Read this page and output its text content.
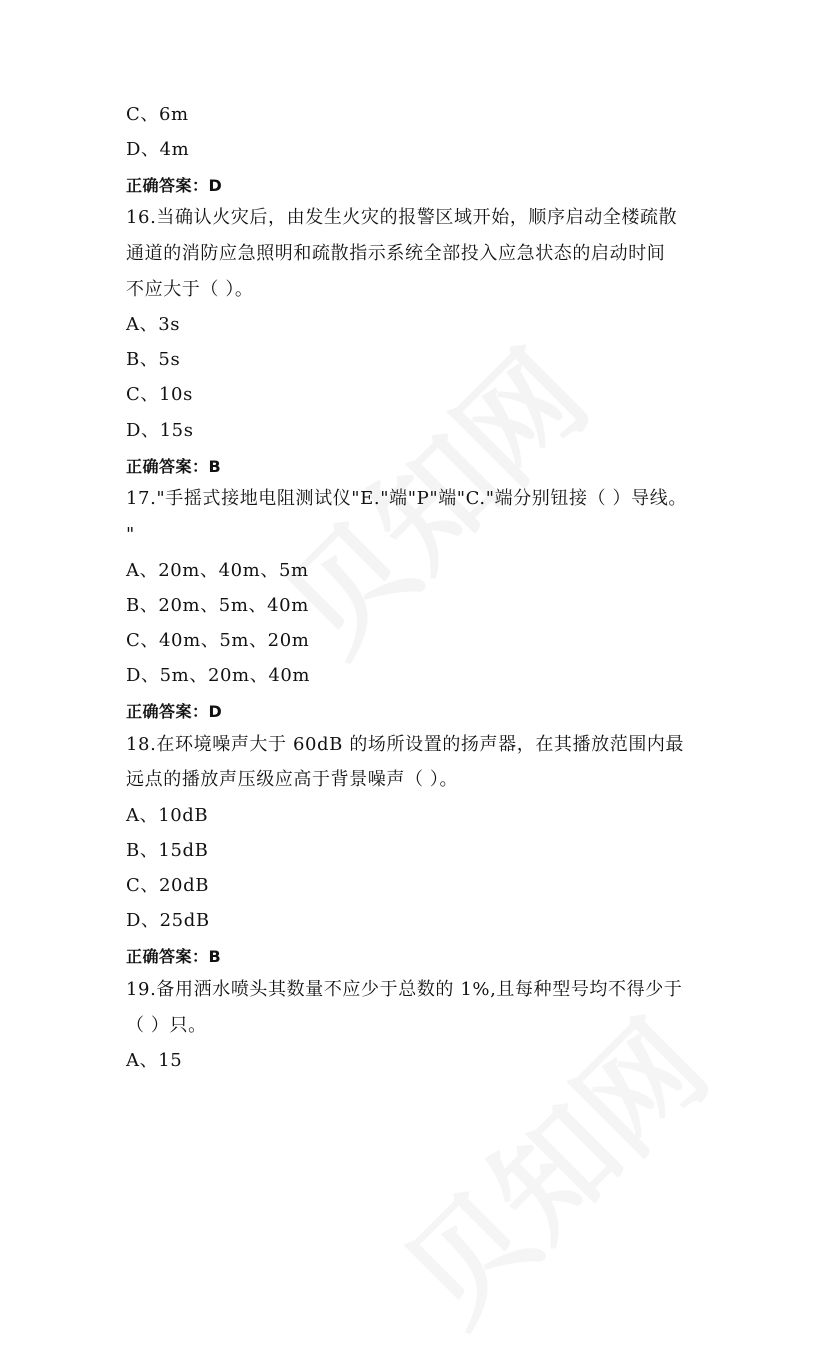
C、6m
D、4m
正确答案：D
16.当确认火灾后，由发生火灾的报警区域开始，顺序启动全楼疏散
通道的消防应急照明和疏散指示系统全部投入应急状态的启动时间
不应大于（ ）。
A、3s
B、5s
C、10s
D、15s
正确答案：B
17."手摇式接地电阻测试仪"E."端"P"端"C."端分别钮接（ ）导线。
"
A、20m、40m、5m
B、20m、5m、40m
C、40m、5m、20m
D、5m、20m、40m
正确答案：D
18.在环境噪声大于 60dB 的场所设置的扬声器，在其播放范围内最
远点的播放声压级应高于背景噪声（ ）。
A、10dB
B、15dB
C、20dB
D、25dB
正确答案：B
19.备用洒水喷头其数量不应少于总数的 1%,且每种型号均不得少于
（ ）只。
A、15
